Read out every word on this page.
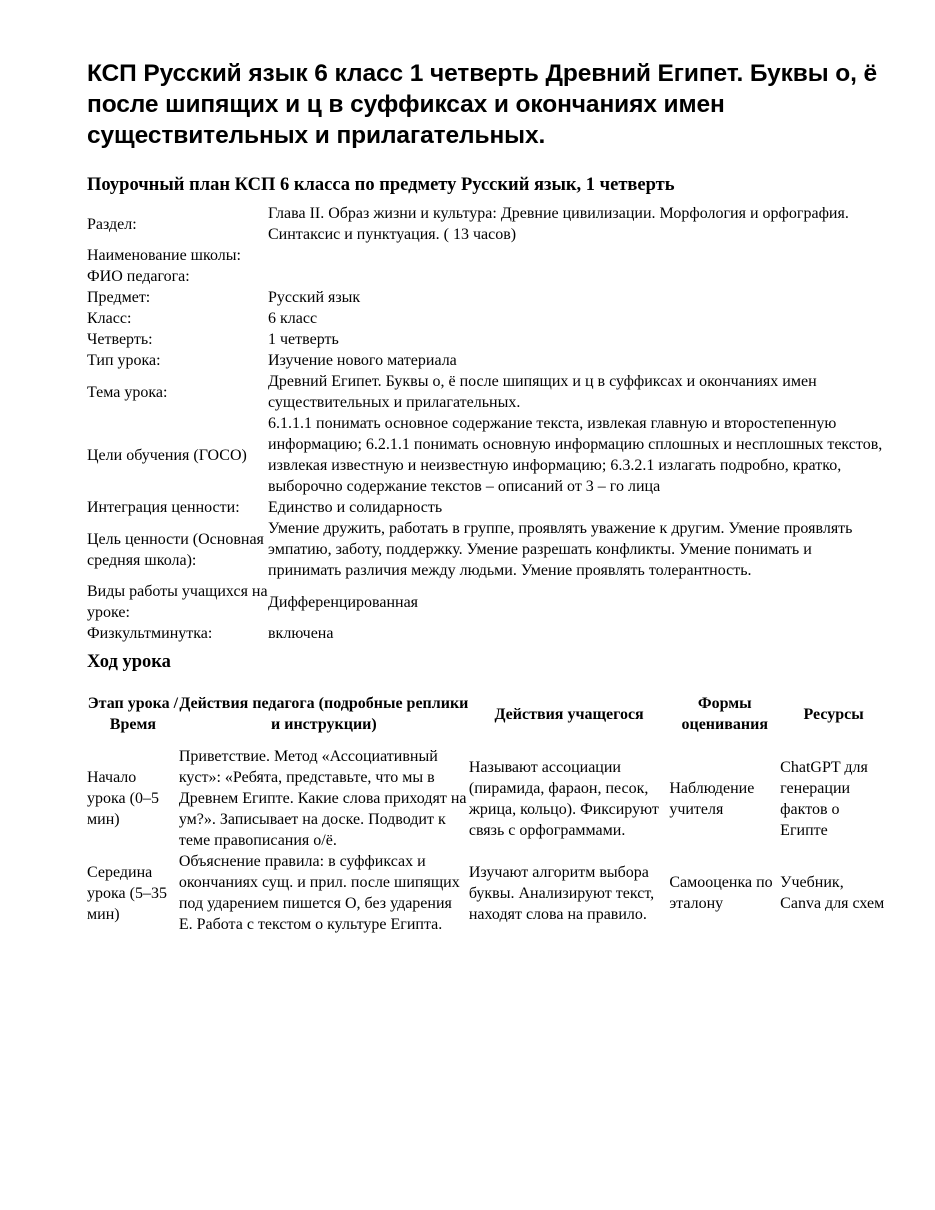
КСП Русский язык 6 класс 1 четверть Древний Египет. Буквы о, ё после шипящих и ц в суффиксах и окончаниях имен существительных и прилагательных.
Поурочный план КСП 6 класса по предмету Русский язык, 1 четверть
Раздел:	Глава II. Образ жизни и культура: Древние цивилизации. Морфология и орфография. Синтаксис и пунктуация. ( 13 часов)
Наименование школы:	
ФИО педагога:	
Предмет:	Русский язык
Класс:	6 класс
Четверть:	1 четверть
Тип урока:	Изучение нового материала
Тема урока:	Древний Египет. Буквы о, ё после шипящих и ц в суффиксах и окончаниях имен существительных и прилагательных.
Цели обучения (ГОСО)	6.1.1.1 понимать основное содержание текста, извлекая главную и второстепенную информацию; 6.2.1.1 понимать основную информацию сплошных и несплошных текстов, извлекая известную и неизвестную информацию; 6.3.2.1 излагать подробно, кратко, выборочно содержание текстов – описаний от 3 – го лица
Интеграция ценности:	Единство и солидарность
Цель ценности (Основная средняя школа):	Умение дружить, работать в группе, проявлять уважение к другим. Умение проявлять эмпатию, заботу, поддержку. Умение разрешать конфликты. Умение понимать и принимать различия между людьми. Умение проявлять толерантность.
Виды работы учащихся на уроке:	Дифференцированная
Физкультминутка:	включена
Ход урока
Этап урока / Время	Действия педагога (подробные реплики и инструкции)	Действия учащегося	Формы оценивания	Ресурсы
Начало урока (0–5 мин)	Приветствие. Метод «Ассоциативный куст»: «Ребята, представьте, что мы в Древнем Египте. Какие слова приходят на ум?». Записывает на доске. Подводит к теме правописания о/ё.	Называют ассоциации (пирамида, фараон, песок, жрица, кольцо). Фиксируют связь с орфограммами.	Наблюдение учителя	ChatGPT для генерации фактов о Египте
Середина урока (5–35 мин)	Объяснение правила: в суффиксах и окончаниях сущ. и прил. после шипящих под ударением пишется О, без ударения Е. Работа с текстом о культуре Египта.	Изучают алгоритм выбора буквы. Анализируют текст, находят слова на правило.	Самооценка по эталону	Учебник, Canva для схем
